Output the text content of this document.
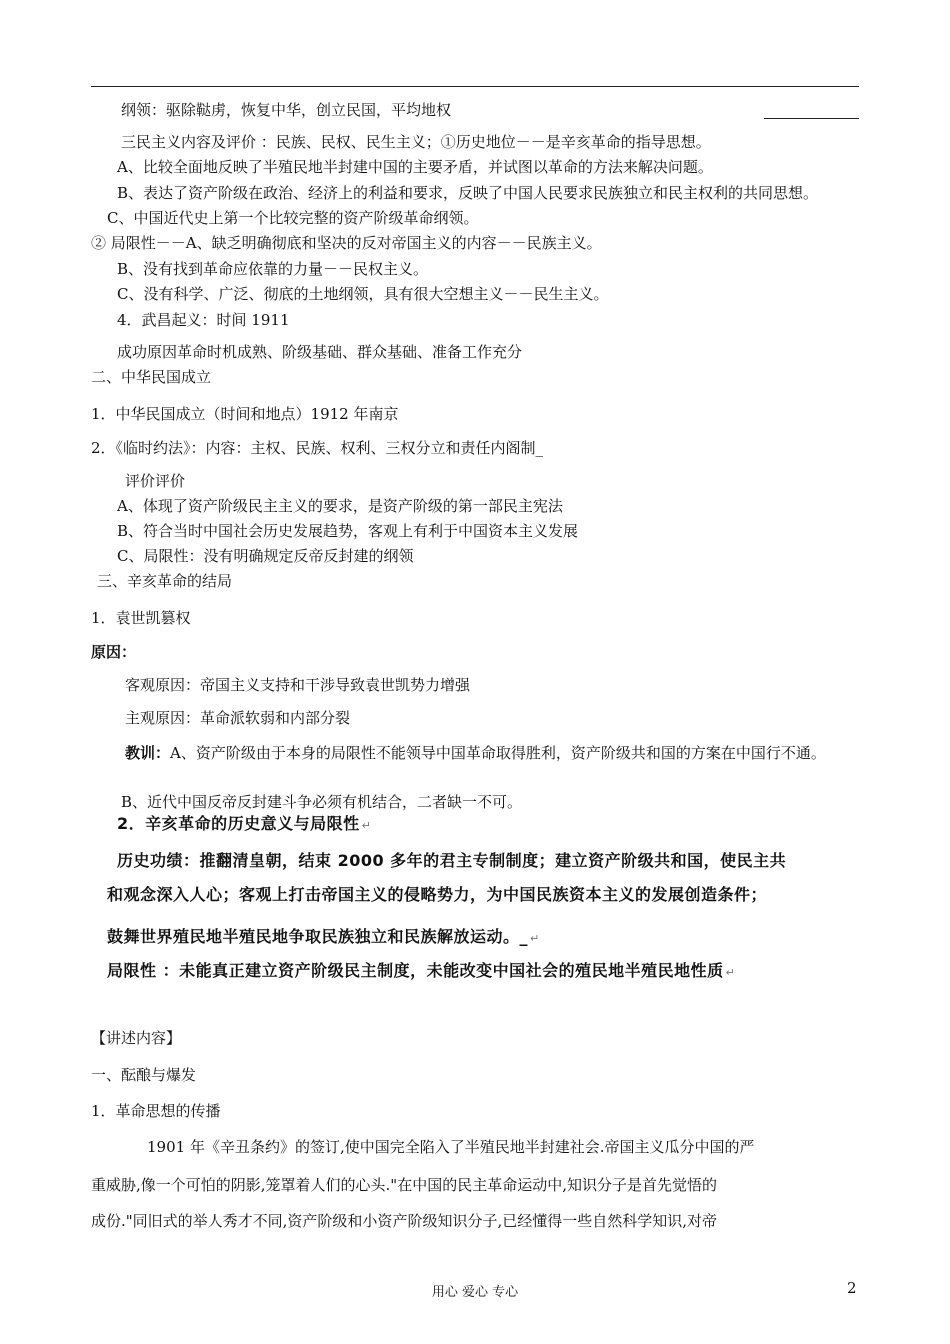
纲领：驱除鞑虏，恢复中华，创立民国，平均地权
三民主义内容及评价 ：民族、民权、民生主义；①历史地位－－是辛亥革命的指导思想。
A、比较全面地反映了半殖民地半封建中国的主要矛盾，并试图以革命的方法来解决问题。
B、表达了资产阶级在政治、经济上的利益和要求，反映了中国人民要求民族独立和民主权利的共同思想。
C、中国近代史上第一个比较完整的资产阶级革命纲领。
② 局限性－－A、缺乏明确彻底和坚决的反对帝国主义的内容－－民族主义。
B、没有找到革命应依靠的力量－－民权主义。
C、没有科学、广泛、彻底的土地纲领，具有很大空想主义－－民生主义。
4．武昌起义：时间 1911
成功原因革命时机成熟、阶级基础、群众基础、准备工作充分
二、中华民国成立
1．中华民国成立（时间和地点）1912 年南京
2．《临时约法》：内容：主权、民族、权利、三权分立和责任内阁制_
评价评价
A、体现了资产阶级民主主义的要求，是资产阶级的第一部民主宪法
B、符合当时中国社会历史发展趋势，客观上有利于中国资本主义发展
C、局限性：没有明确规定反帝反封建的纲领
三、辛亥革命的结局
1．袁世凯篡权
原因：
客观原因：帝国主义支持和干涉导致袁世凯势力增强
主观原因：革命派软弱和内部分裂
教训：A、资产阶级由于本身的局限性不能领导中国革命取得胜利，资产阶级共和国的方案在中国行不通。
B、近代中国反帝反封建斗争必须有机结合，二者缺一不可。
2．辛亥革命的历史意义与局限性 ↵
历史功绩：推翻清皇朝，结束 2000 多年的君主专制制度；建立资产阶级共和国，使民主共
和观念深入人心；客观上打击帝国主义的侵略势力，为中国民族资本主义的发展创造条件；
鼓舞世界殖民地半殖民地争取民族独立和民族解放运动。_ ↵
局限性 ：未能真正建立资产阶级民主制度，未能改变中国社会的殖民地半殖民地性质 ↵
【讲述内容】
一、酝酿与爆发
1．革命思想的传播
1901 年《辛丑条约》的签订,使中国完全陷入了半殖民地半封建社会.帝国主义瓜分中国的严
重威胁,像一个可怕的阴影,笼罩着人们的心头."在中国的民主革命运动中,知识分子是首先觉悟的
成份."同旧式的举人秀才不同,资产阶级和小资产阶级知识分子,已经懂得一些自然科学知识,对帝
用心 爱心 专心	2
